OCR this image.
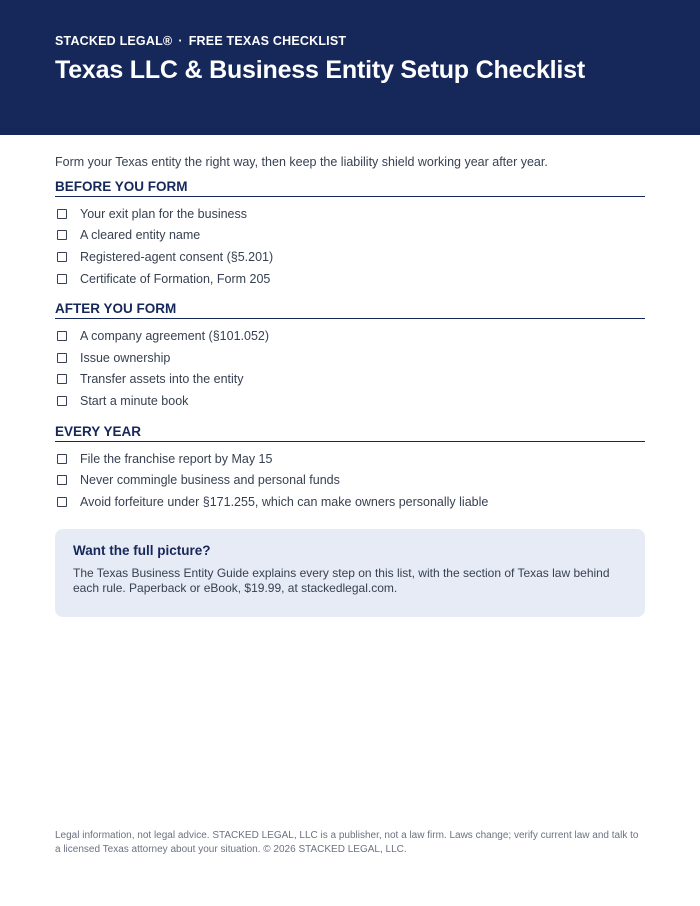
STACKED LEGAL® · FREE TEXAS CHECKLIST
Texas LLC & Business Entity Setup Checklist

Form your Texas entity the right way, then keep the liability shield working year after year.

BEFORE YOU FORM
Your exit plan for the business
A cleared entity name
Registered-agent consent (§5.201)
Certificate of Formation, Form 205
AFTER YOU FORM
A company agreement (§101.052)
Issue ownership
Transfer assets into the entity
Start a minute book
EVERY YEAR
File the franchise report by May 15
Never commingle business and personal funds
Avoid forfeiture under §171.255, which can make owners personally liable
Want the full picture?
The Texas Business Entity Guide explains every step on this list, with the section of Texas law behind each rule. Paperback or eBook, $19.99, at stackedlegal.com.
Legal information, not legal advice. STACKED LEGAL, LLC is a publisher, not a law firm. Laws change; verify current law and talk to a licensed Texas attorney about your situation. © 2026 STACKED LEGAL, LLC.
